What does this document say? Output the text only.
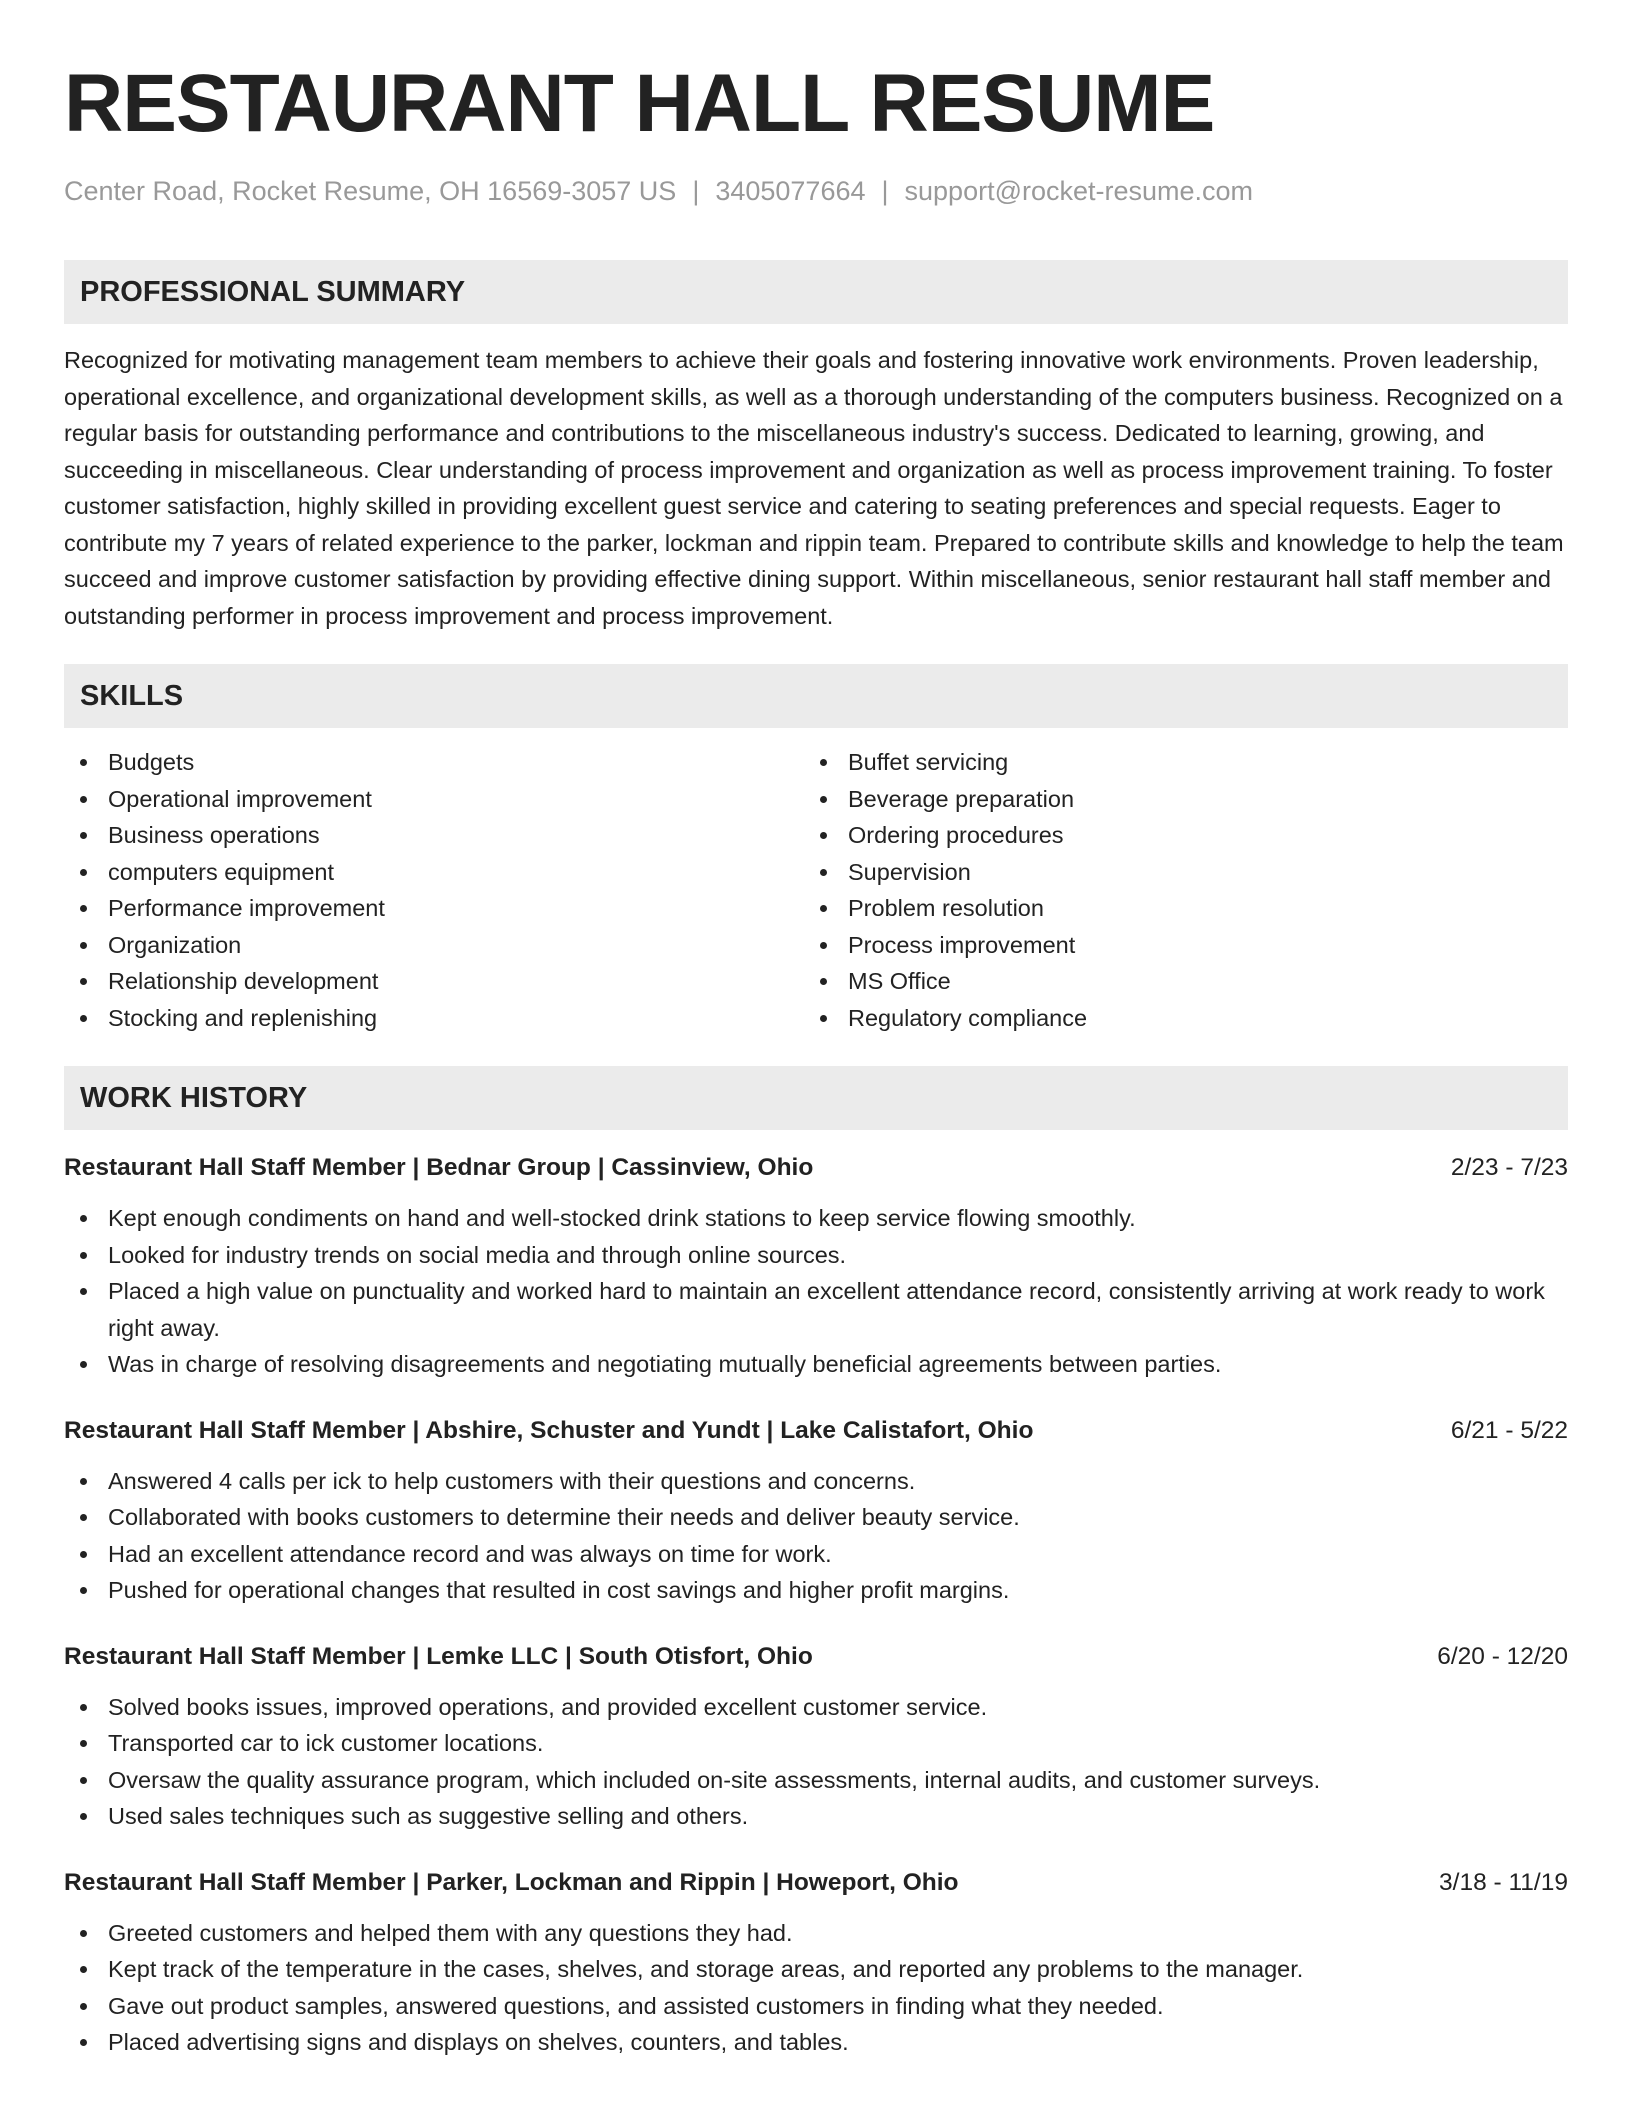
RESTAURANT HALL RESUME
Center Road, Rocket Resume, OH 16569-3057 US | 3405077664 | support@rocket-resume.com
PROFESSIONAL SUMMARY

Recognized for motivating management team members to achieve their goals and fostering innovative work environments. Proven leadership, operational excellence, and organizational development skills, as well as a thorough understanding of the computers business. Recognized on a regular basis for outstanding performance and contributions to the miscellaneous industry's success. Dedicated to learning, growing, and succeeding in miscellaneous. Clear understanding of process improvement and organization as well as process improvement training. To foster customer satisfaction, highly skilled in providing excellent guest service and catering to seating preferences and special requests. Eager to contribute my 7 years of related experience to the parker, lockman and rippin team. Prepared to contribute skills and knowledge to help the team succeed and improve customer satisfaction by providing effective dining support. Within miscellaneous, senior restaurant hall staff member and outstanding performer in process improvement and process improvement.

SKILLS
Budgets
Operational improvement
Business operations
computers equipment
Performance improvement
Organization
Relationship development
Stocking and replenishing
Buffet servicing
Beverage preparation
Ordering procedures
Supervision
Problem resolution
Process improvement
MS Office
Regulatory compliance
WORK HISTORY
Restaurant Hall Staff Member | Bednar Group | Cassinview, Ohio	2/23 - 7/23
Kept enough condiments on hand and well-stocked drink stations to keep service flowing smoothly.
Looked for industry trends on social media and through online sources.
Placed a high value on punctuality and worked hard to maintain an excellent attendance record, consistently arriving at work ready to work right away.
Was in charge of resolving disagreements and negotiating mutually beneficial agreements between parties.
Restaurant Hall Staff Member | Abshire, Schuster and Yundt | Lake Calistafort, Ohio	6/21 - 5/22
Answered 4 calls per ick to help customers with their questions and concerns.
Collaborated with books customers to determine their needs and deliver beauty service.
Had an excellent attendance record and was always on time for work.
Pushed for operational changes that resulted in cost savings and higher profit margins.
Restaurant Hall Staff Member | Lemke LLC | South Otisfort, Ohio	6/20 - 12/20
Solved books issues, improved operations, and provided excellent customer service.
Transported car to ick customer locations.
Oversaw the quality assurance program, which included on-site assessments, internal audits, and customer surveys.
Used sales techniques such as suggestive selling and others.
Restaurant Hall Staff Member | Parker, Lockman and Rippin | Howeport, Ohio	3/18 - 11/19
Greeted customers and helped them with any questions they had.
Kept track of the temperature in the cases, shelves, and storage areas, and reported any problems to the manager.
Gave out product samples, answered questions, and assisted customers in finding what they needed.
Placed advertising signs and displays on shelves, counters, and tables.
